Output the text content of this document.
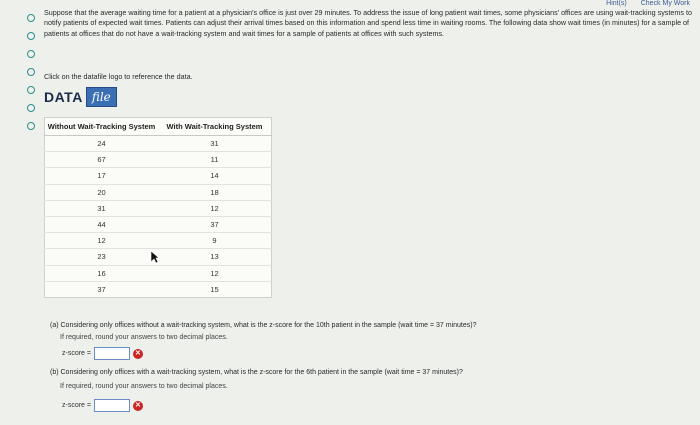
Hint(s) Check My Work
Suppose that the average waiting time for a patient at a physician's office is just over 29 minutes. To address the issue of long patient wait times, some physicians' offices are using wait-tracking systems to notify patients of expected wait times. Patients can adjust their arrival times based on this information and spend less time in waiting rooms. The following data show wait times (in minutes) for a sample of patients at offices that do not have a wait-tracking system and wait times for a sample of patients at offices with such systems.
Click on the datafile logo to reference the data.
DATA file
Without Wait-Tracking System	With Wait-Tracking System
24	31
67	11
17	14
20	18
31	12
44	37
12	9
23	13
16	12
37	15
(a) Considering only offices without a wait-tracking system, what is the z-score for the 10th patient in the sample (wait time = 37 minutes)?
If required, round your answers to two decimal places.
z-score =	✕
(b) Considering only offices with a wait-tracking system, what is the z-score for the 6th patient in the sample (wait time = 37 minutes)?
If required, round your answers to two decimal places.
z-score =	✕
